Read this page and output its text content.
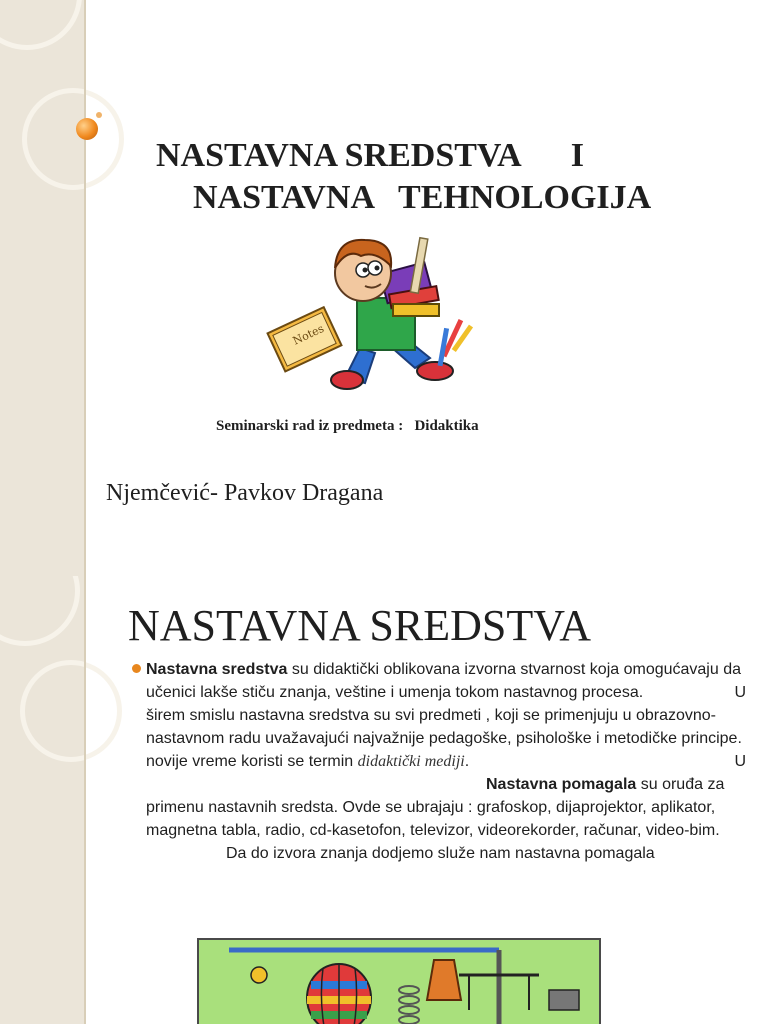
NASTAVNA SREDSTVA      I
NASTAVNA   TEHNOLOGIJA
Notes
Seminarski rad iz predmeta :   Didaktika
Njemčević- Pavkov Dragana
NASTAVNA SREDSTVA
Nastavna sredstva su didaktički oblikovana izvorna stvarnost koja omogućavaju da učenici lakše stiču znanja, veštine i umenja tokom nastavnog procesa.	U

širem smislu nastavna sredstva su svi predmeti , koji se primenjuju u obrazovno-nastavnom radu uvažavajući najvažnije pedagoške, psihološke i metodičke principe.
U

novije vreme koristi se termin didaktički mediji.
Nastavna pomagala su oruđa za primenu nastavnih sredsta. Ovde se ubrajaju : grafoskop, dijaprojektor, aplikator, magnetna tabla, radio, cd-kasetofon, televizor, videorekorder, računar, video-bim. Da do izvora znanja dodjemo služe nam nastavna pomagala
